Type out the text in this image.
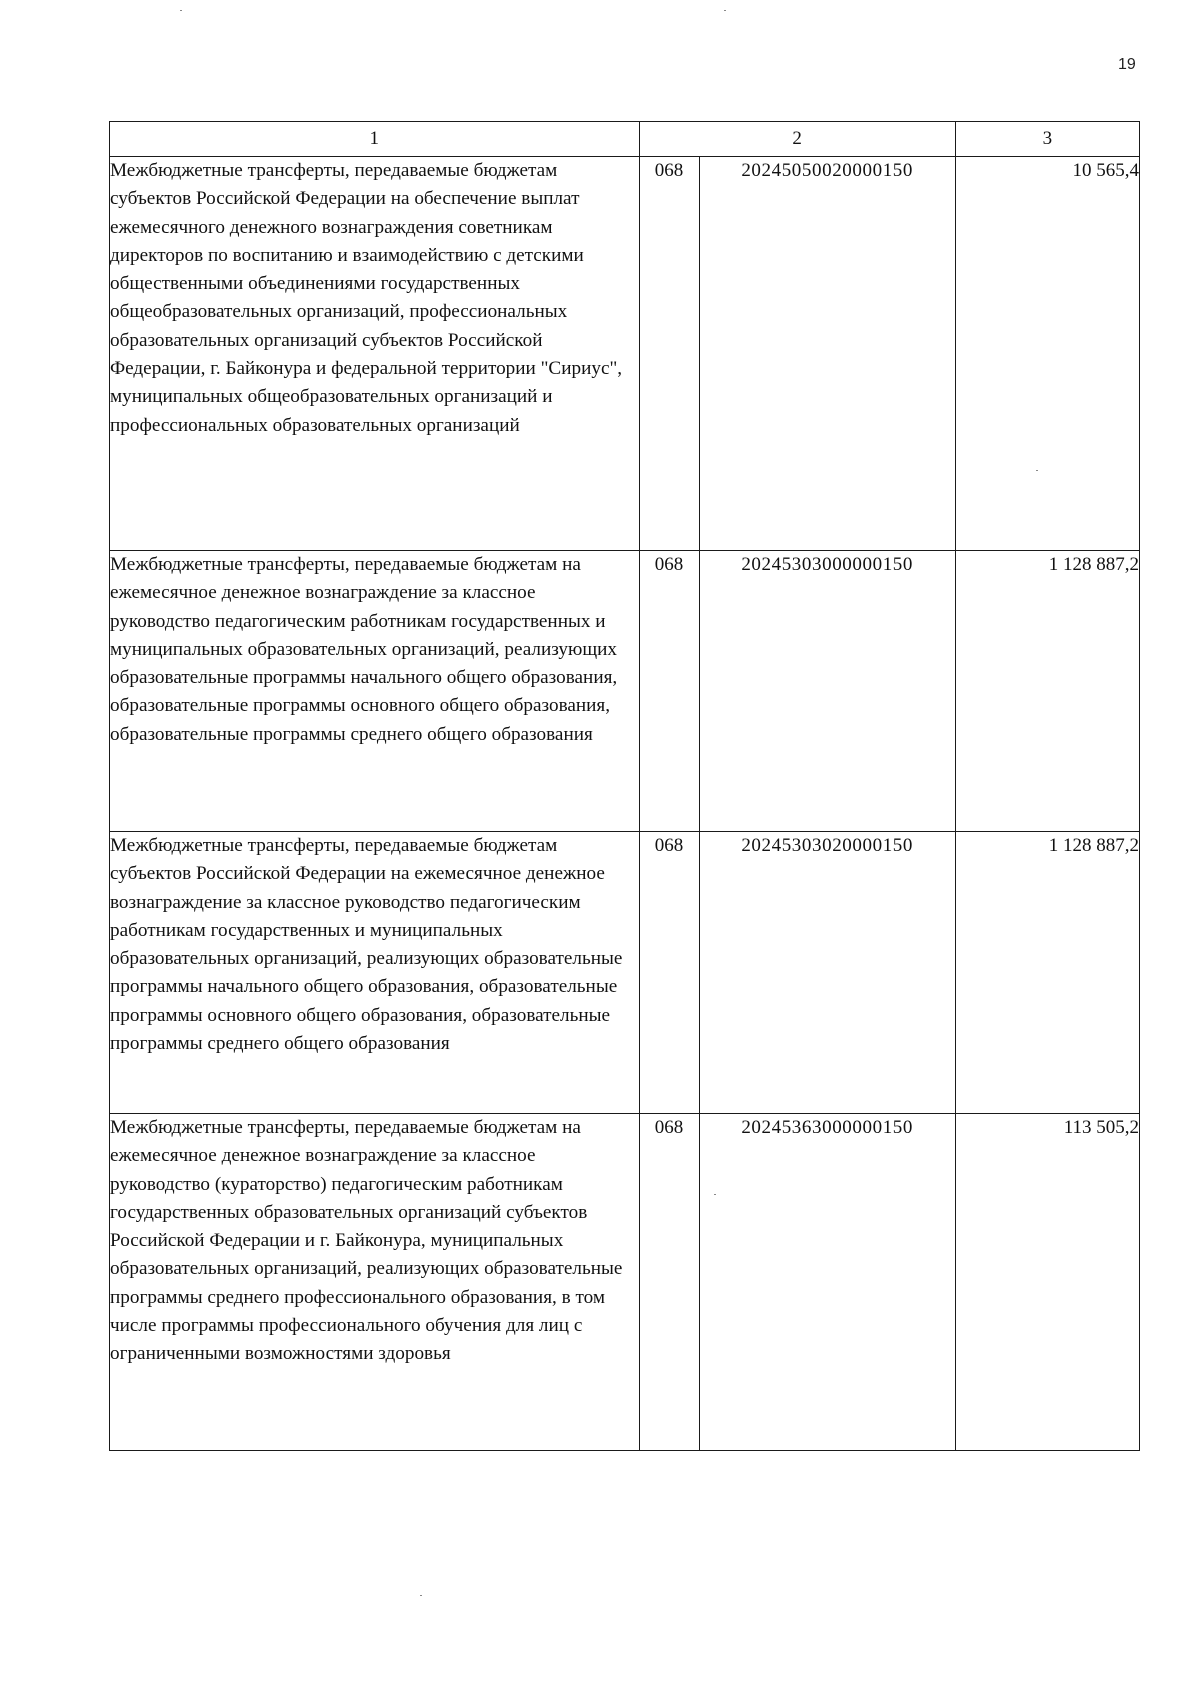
19
1	2		3
Межбюджетные трансферты, передаваемые бюджетам субъектов Российской Федерации на обеспечение выплат ежемесячного денежного вознаграждения советникам директоров по воспитанию и взаимодействию с детскими общественными объединениями государственных общеобразовательных организаций, профессиональных образовательных организаций субъектов Российской Федерации, г. Байконура и федеральной территории "Сириус", муниципальных общеобразовательных организаций и профессиональных образовательных организаций	068	20245050020000150	10 565,4
Межбюджетные трансферты, передаваемые бюджетам на ежемесячное денежное вознаграждение за классное руководство педагогическим работникам государственных и муниципальных образовательных организаций, реализующих образовательные программы начального общего образования, образовательные программы основного общего образования, образовательные программы среднего общего образования	068	20245303000000150	1 128 887,2
Межбюджетные трансферты, передаваемые бюджетам субъектов Российской Федерации на ежемесячное денежное вознаграждение за классное руководство педагогическим работникам государственных и муниципальных образовательных организаций, реализующих образовательные программы начального общего образования, образовательные программы основного общего образования, образовательные программы среднего общего образования	068	20245303020000150	1 128 887,2
Межбюджетные трансферты, передаваемые бюджетам на ежемесячное денежное вознаграждение за классное руководство (кураторство) педагогическим работникам государственных образовательных организаций субъектов Российской Федерации и г. Байконура, муниципальных образовательных организаций, реализующих образовательные программы среднего профессионального образования, в том числе программы профессионального обучения для лиц с ограниченными возможностями здоровья	068	20245363000000150	113 505,2
